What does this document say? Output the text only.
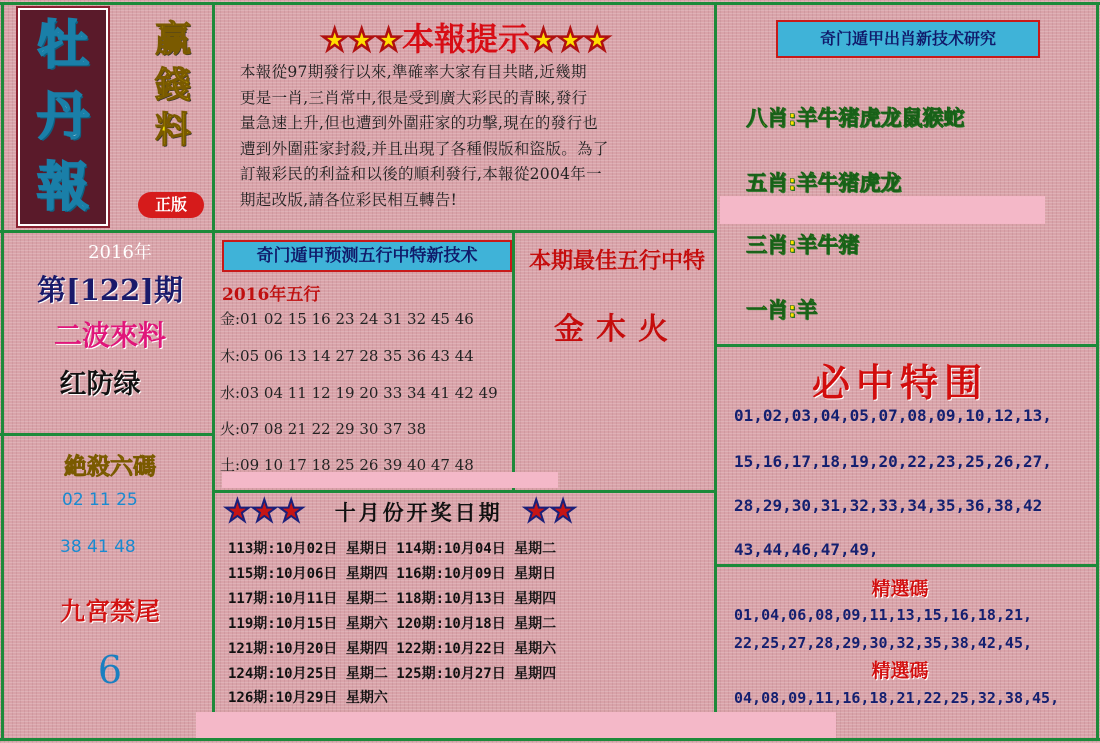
牡
丹
報
赢
錢
料
正版
★★★本報提示★★★
本報從97期發行以來,準確率大家有目共睹,近幾期
更是一肖,三肖常中,很是受到廣大彩民的青睞,發行
量急速上升,但也遭到外圍莊家的功擊,現在的發行也
遭到外圍莊家封殺,并且出現了各種假版和盜版。為了
訂報彩民的利益和以後的順利發行,本報從2004年一
期起改版,請各位彩民相互轉告!
2016年
第[122]期
二波來料
红防绿
絶殺六碼
02 11 25
38 41 48
九宮禁尾
6
奇门遁甲预测五行中特新技术
2016年五行
金:01 02 15 16 23 24 31 32 45 46
木:05 06 13 14 27 28 35 36 43 44
水:03 04 11 12 19 20 33 34 41 42 49
火:07 08 21 22 29 30 37 38
土:09 10 17 18 25 26 39 40 47 48
本期最佳五行中特
金木火
★★★ 十月份开奖日期 ★★
113期:10月02日 星期日 114期:10月04日 星期二
115期:10月06日 星期四 116期:10月09日 星期日
117期:10月11日 星期二 118期:10月13日 星期四
119期:10月15日 星期六 120期:10月18日 星期二
121期:10月20日 星期四 122期:10月22日 星期六
124期:10月25日 星期二 125期:10月27日 星期四
126期:10月29日 星期六
奇门遁甲出肖新技术研究
八肖:羊牛猪虎龙鼠猴蛇
五肖:羊牛猪虎龙
三肖:羊牛猪
一肖:羊
必中特围
01,02,03,04,05,07,08,09,10,12,13,
15,16,17,18,19,20,22,23,25,26,27,
28,29,30,31,32,33,34,35,36,38,42
43,44,46,47,49,
精選碼
01,04,06,08,09,11,13,15,16,18,21,
22,25,27,28,29,30,32,35,38,42,45,
精選碼
04,08,09,11,16,18,21,22,25,32,38,45,
